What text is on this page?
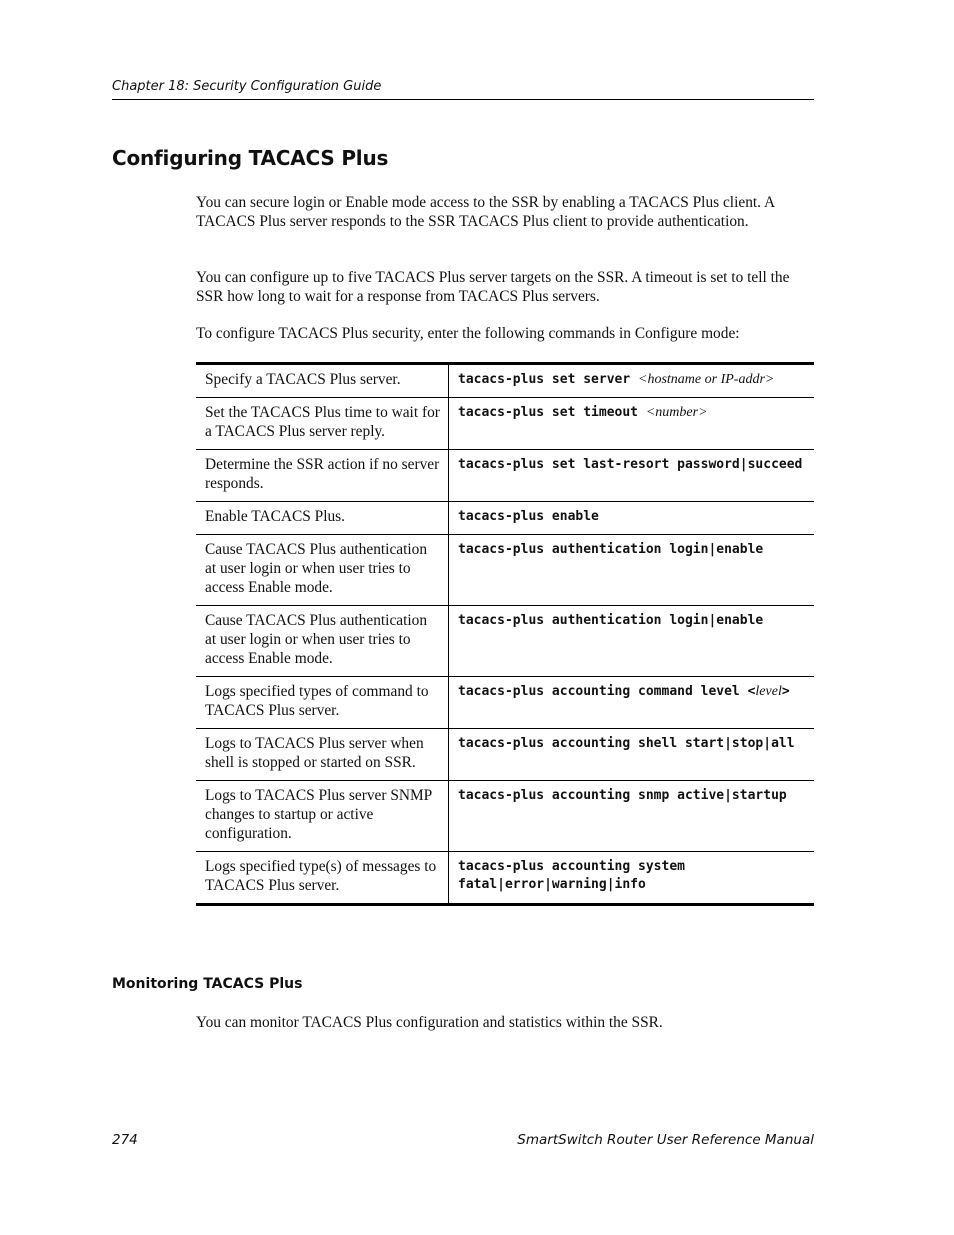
Chapter 18: Security Configuration Guide
Configuring TACACS Plus

You can secure login or Enable mode access to the SSR by enabling a TACACS Plus client. A TACACS Plus server responds to the SSR TACACS Plus client to provide authentication.

You can configure up to five TACACS Plus server targets on the SSR. A timeout is set to tell the SSR how long to wait for a response from TACACS Plus servers.

To configure TACACS Plus security, enter the following commands in Configure mode:

Specify a TACACS Plus server.	tacacs-plus set server <hostname or IP-addr>
Set the TACACS Plus time to wait for a TACACS Plus server reply.	tacacs-plus set timeout <number>
Determine the SSR action if no server responds.	tacacs-plus set last-resort password|succeed
Enable TACACS Plus.	tacacs-plus enable
Cause TACACS Plus authentication at user login or when user tries to access Enable mode.	tacacs-plus authentication login|enable
Cause TACACS Plus authentication at user login or when user tries to access Enable mode.	tacacs-plus authentication login|enable
Logs specified types of command to TACACS Plus server.	tacacs-plus accounting command level <level>
Logs to TACACS Plus server when shell is stopped or started on SSR.	tacacs-plus accounting shell start|stop|all
Logs to TACACS Plus server SNMP changes to startup or active configuration.	tacacs-plus accounting snmp active|startup
Logs specified type(s) of messages to TACACS Plus server.	tacacs-plus accounting system fatal|error|warning|info
Monitoring TACACS Plus

You can monitor TACACS Plus configuration and statistics within the SSR.

274	SmartSwitch Router User Reference Manual
